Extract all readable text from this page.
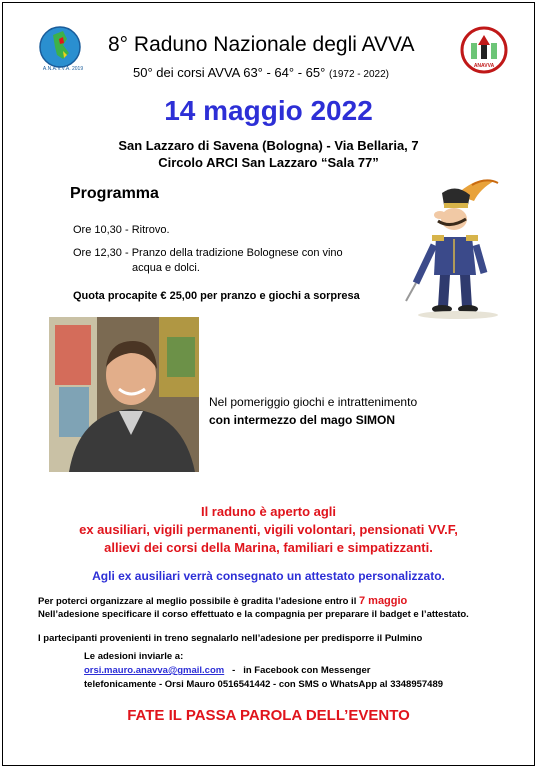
A.N.A.V.V.A. 2019	ANAVVA
8° Raduno Nazionale degli AVVA
50° dei corsi AVVA 63° - 64° - 65° (1972 - 2022)
14 maggio 2022
San Lazzaro di Savena (Bologna) - Via Bellaria, 7
Circolo ARCI San Lazzaro “Sala 77”
Programma
Ore 10,30 - Ritrovo.
Ore 12,30 - Pranzo della tradizione Bolognese con vino
acqua e dolci.
Quota procapite € 25,00 per pranzo e giochi a sorpresa
Nel pomeriggio giochi e intrattenimento
con intermezzo del mago SIMON
Il raduno è aperto agli
ex ausiliari, vigili permanenti, vigili volontari, pensionati VV.F,
allievi dei corsi della Marina, familiari e simpatizzanti.
Agli ex ausiliari verrà consegnato un attestato personalizzato.
Per poterci organizzare al meglio possibile è gradita l’adesione entro il 7 maggio
Nell’adesione specificare il corso effettuato e la compagnia per preparare il badget e l’attestato.
I partecipanti provenienti in treno segnalarlo nell’adesione per predisporre il Pulmino
Le adesioni inviarle a:
orsi.mauro.anavva@gmail.com   -   in Facebook con Messenger
telefonicamente - Orsi Mauro 0516541442 - con SMS o WhatsApp al 3348957489
FATE IL PASSA PAROLA DELL’EVENTO
